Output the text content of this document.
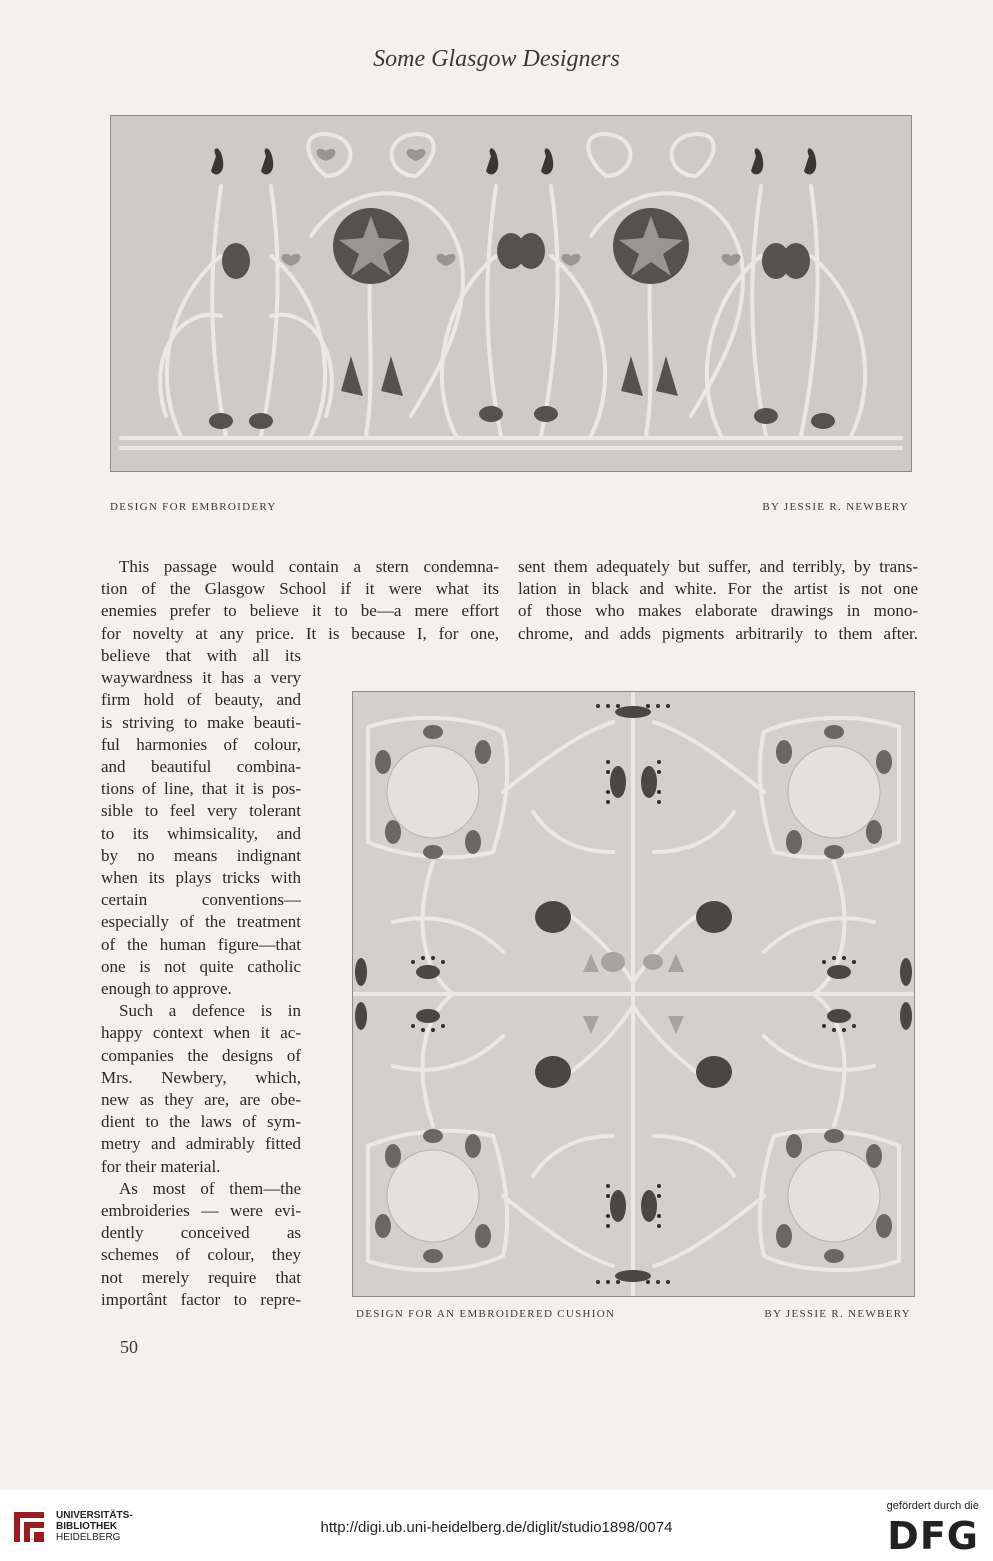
Some Glasgow Designers
DESIGN FOR EMBROIDERY	BY JESSIE R. NEWBERY

This passage would contain a stern condemna-

tion of the Glasgow School if it were what its

enemies prefer to believe it to be—a mere effort

for novelty at any price. It is because I, for one,

sent them adequately but suffer, and terribly, by trans-

lation in black and white. For the artist is not one

of those who makes elaborate drawings in mono-

chrome, and adds pigments arbitrarily to them after.

believe that with all its

waywardness it has a very

firm hold of beauty, and

is striving to make beauti-

ful harmonies of colour,

and beautiful combina-

tions of line, that it is pos-

sible to feel very tolerant

to its whimsicality, and

by no means indignant

when its plays tricks with

certain conventions—

especially of the treatment

of the human figure—that

one is not quite catholic

enough to approve.

Such a defence is in

happy context when it ac-

companies the designs of

Mrs. Newbery, which,

new as they are, are obe-

dient to the laws of sym-

metry and admirably fitted

for their material.

As most of them—the

embroideries — were evi-

dently conceived as

schemes of colour, they

not merely require that

importânt factor to repre-

DESIGN FOR AN EMBROIDERED CUSHION	BY JESSIE R. NEWBERY
50
UNIVERSITÄTS-
BIBLIOTHEK
HEIDELBERG
http://digi.ub.uni-heidelberg.de/diglit/studio1898/0074
gefördert durch die
DFG
